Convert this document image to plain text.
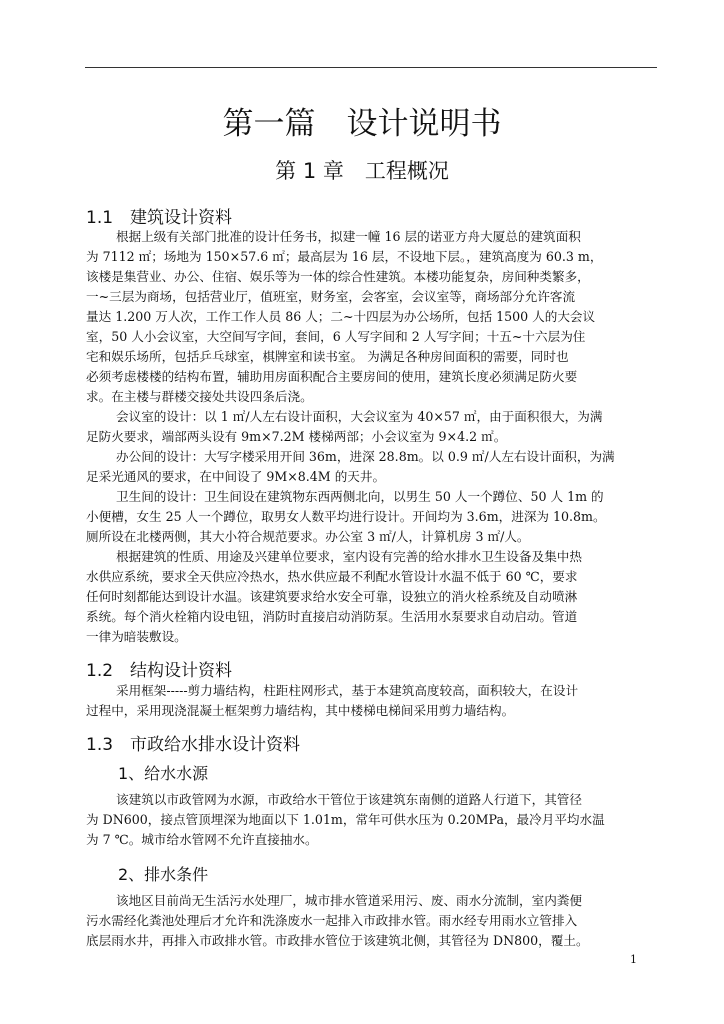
第一篇　设计说明书
第 1 章　工程概况
1.1　建筑设计资料
根据上级有关部门批准的设计任务书，拟建一幢 16 层的诺亚方舟大厦总的建筑面积
为 7112 ㎡；场地为 150×57.6 ㎡；最高层为 16 层，不设地下层。，建筑高度为 60.3 m，
该楼是集营业、办公、住宿、娱乐等为一体的综合性建筑。本楼功能复杂，房间种类繁多，
一~三层为商场，包括营业厅，值班室，财务室，会客室，会议室等，商场部分允许客流
量达 1.200 万人次，工作工作人员 86 人；二~十四层为办公场所，包括 1500 人的大会议
室，50 人小会议室，大空间写字间，套间，6 人写字间和 2 人写字间；十五~十六层为住
宅和娱乐场所，包括乒乓球室，棋牌室和读书室。 为满足各种房间面积的需要，同时也
必须考虑楼楼的结构布置，辅助用房面积配合主要房间的使用，建筑长度必须满足防火要
求。在主楼与群楼交接处共设四条后浇。
会议室的设计：以 1 ㎡/人左右设计面积，大会议室为 40×57 ㎡，由于面积很大，为满
足防火要求，端部两头设有 9m×7.2M 楼梯两部；小会议室为 9×4.2 ㎡。
办公间的设计：大写字楼采用开间 36m，进深 28.8m。以 0.9 ㎡/人左右设计面积，为满
足采光通风的要求，在中间设了 9M×8.4M 的天井。
卫生间的设计：卫生间设在建筑物东西两侧北向，以男生 50 人一个蹲位、50 人 1m 的
小便槽，女生 25 人一个蹲位，取男女人数平均进行设计。开间均为 3.6m，进深为 10.8m。
厕所设在北楼两侧，其大小符合规范要求。办公室 3 ㎡/人，计算机房 3 ㎡/人。
根据建筑的性质、用途及兴建单位要求，室内设有完善的给水排水卫生设备及集中热
水供应系统，要求全天供应冷热水，热水供应最不利配水管设计水温不低于 60 ℃，要求
任何时刻都能达到设计水温。该建筑要求给水安全可靠，设独立的消火栓系统及自动喷淋
系统。每个消火栓箱内设电钮，消防时直接启动消防泵。生活用水泵要求自动启动。管道
一律为暗装敷设。
1.2　结构设计资料
采用框架-----剪力墙结构，柱距柱网形式，基于本建筑高度较高，面积较大，在设计
过程中，采用现浇混凝土框架剪力墙结构，其中楼梯电梯间采用剪力墙结构。
1.3　市政给水排水设计资料
1、给水水源
该建筑以市政管网为水源，市政给水干管位于该建筑东南侧的道路人行道下，其管径
为 DN600，接点管顶埋深为地面以下 1.01m，常年可供水压为 0.20MPa，最冷月平均水温
为 7 ℃。城市给水管网不允许直接抽水。
2、排水条件
该地区目前尚无生活污水处理厂，城市排水管道采用污、废、雨水分流制，室内粪便
污水需经化粪池处理后才允许和洗涤废水一起排入市政排水管。雨水经专用雨水立管排入
底层雨水井，再排入市政排水管。市政排水管位于该建筑北侧，其管径为 DN800，覆土。
1
